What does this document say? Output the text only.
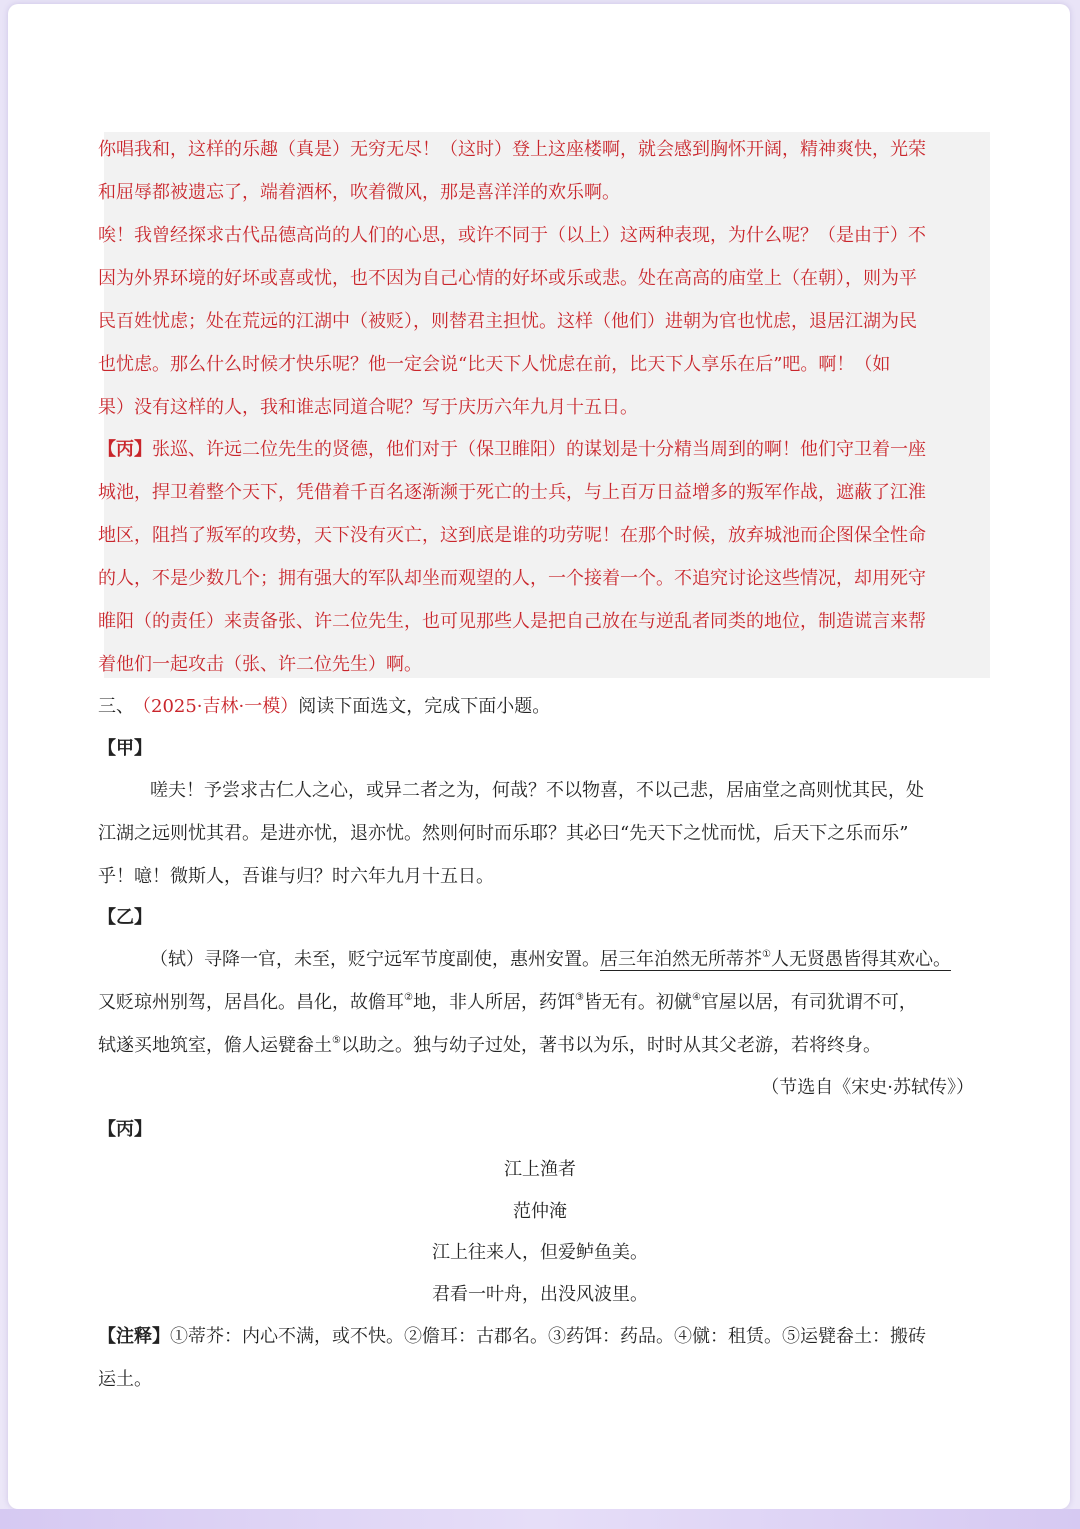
你唱我和，这样的乐趣（真是）无穷无尽！（这时）登上这座楼啊，就会感到胸怀开阔，精神爽快，光荣
和屈辱都被遗忘了，端着酒杯，吹着微风，那是喜洋洋的欢乐啊。
唉！我曾经探求古代品德高尚的人们的心思，或许不同于（以上）这两种表现，为什么呢？（是由于）不
因为外界环境的好坏或喜或忧，也不因为自己心情的好坏或乐或悲。处在高高的庙堂上（在朝），则为平
民百姓忧虑；处在荒远的江湖中（被贬），则替君主担忧。这样（他们）进朝为官也忧虑，退居江湖为民
也忧虑。那么什么时候才快乐呢？他一定会说“比天下人忧虑在前，比天下人享乐在后”吧。啊！（如
果）没有这样的人，我和谁志同道合呢？写于庆历六年九月十五日。
【丙】张巡、许远二位先生的贤德，他们对于（保卫睢阳）的谋划是十分精当周到的啊！他们守卫着一座
城池，捍卫着整个天下，凭借着千百名逐渐濒于死亡的士兵，与上百万日益增多的叛军作战，遮蔽了江淮
地区，阻挡了叛军的攻势，天下没有灭亡，这到底是谁的功劳呢！在那个时候，放弃城池而企图保全性命
的人，不是少数几个；拥有强大的军队却坐而观望的人，一个接着一个。不追究讨论这些情况，却用死守
睢阳（的责任）来责备张、许二位先生，也可见那些人是把自己放在与逆乱者同类的地位，制造谎言来帮
着他们一起攻击（张、许二位先生）啊。
三、 （2025·吉林·一模）阅读下面选文，完成下面小题。
【甲】
嗟夫！予尝求古仁人之心，或异二者之为，何哉？不以物喜，不以己悲，居庙堂之高则忧其民，处
江湖之远则忧其君。是进亦忧，退亦忧。然则何时而乐耶？其必曰“先天下之忧而忧，后天下之乐而乐”
乎！噫！微斯人，吾谁与归？时六年九月十五日。
【乙】
（轼）寻降一官，未至，贬宁远军节度副使，惠州安置。居三年泊然无所蒂芥①人无贤愚皆得其欢心。
又贬琼州别驾，居昌化。昌化，故儋耳②地，非人所居，药饵③皆无有。初僦④官屋以居，有司犹谓不可，
轼遂买地筑室，儋人运甓畚土⑤以助之。独与幼子过处，著书以为乐，时时从其父老游，若将终身。
（节选自《宋史·苏轼传》）
【丙】
江上渔者
范仲淹
江上往来人，但爱鲈鱼美。
君看一叶舟，出没风波里。
【注释】①蒂芥：内心不满，或不快。②儋耳：古郡名。③药饵：药品。④僦：租赁。⑤运甓畚土：搬砖
运土。
